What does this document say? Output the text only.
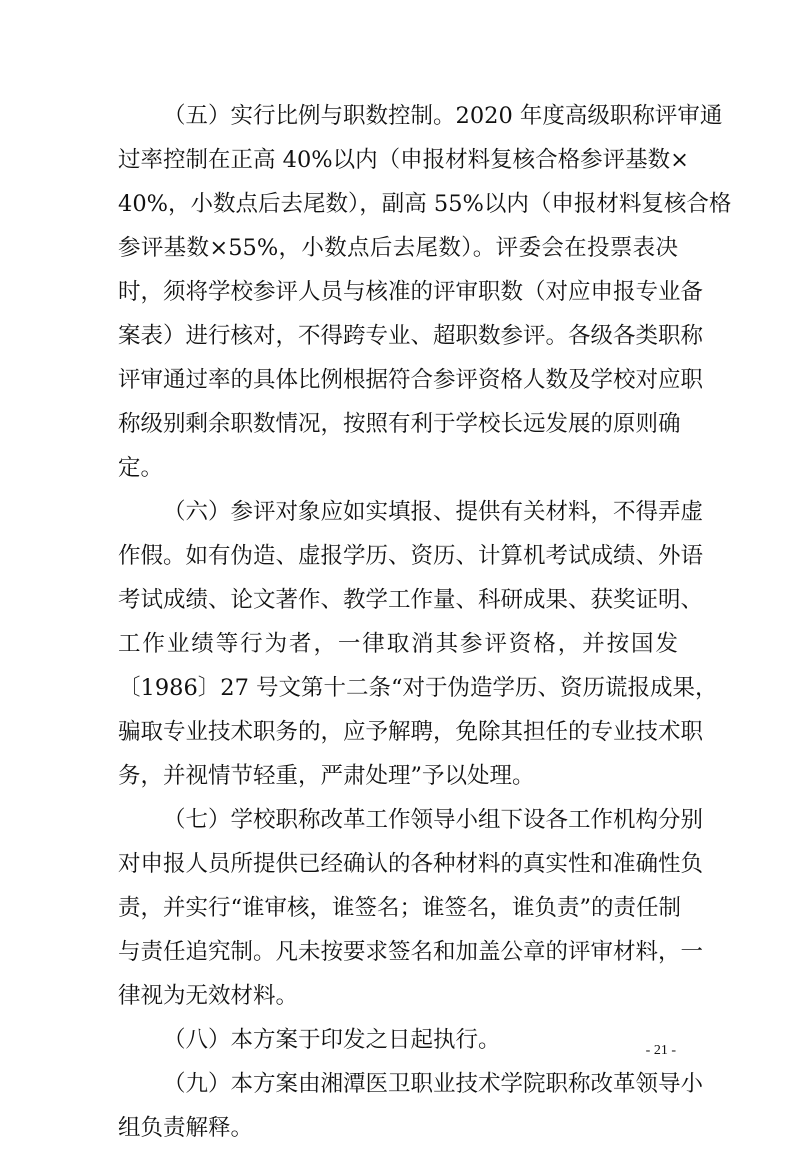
（五）实行比例与职数控制。2020 年度高级职称评审通
过率控制在正高 40%以内（申报材料复核合格参评基数×
40%，小数点后去尾数），副高 55%以内（申报材料复核合格
参评基数×55%，小数点后去尾数）。评委会在投票表决
时，须将学校参评人员与核准的评审职数（对应申报专业备
案表）进行核对，不得跨专业、超职数参评。各级各类职称
评审通过率的具体比例根据符合参评资格人数及学校对应职
称级别剩余职数情况，按照有利于学校长远发展的原则确
定。
（六）参评对象应如实填报、提供有关材料，不得弄虚
作假。如有伪造、虚报学历、资历、计算机考试成绩、外语
考试成绩、论文著作、教学工作量、科研成果、获奖证明、
工作业绩等行为者，一律取消其参评资格，并按国发
〔1986〕27 号文第十二条“对于伪造学历、资历谎报成果，
骗取专业技术职务的，应予解聘，免除其担任的专业技术职
务，并视情节轻重，严肃处理”予以处理。
（七）学校职称改革工作领导小组下设各工作机构分别
对申报人员所提供已经确认的各种材料的真实性和准确性负
责，并实行“谁审核，谁签名；谁签名，谁负责”的责任制
与责任追究制。凡未按要求签名和加盖公章的评审材料，一
律视为无效材料。
（八）本方案于印发之日起执行。
（九）本方案由湘潭医卫职业技术学院职称改革领导小
组负责解释。
- 21 -
